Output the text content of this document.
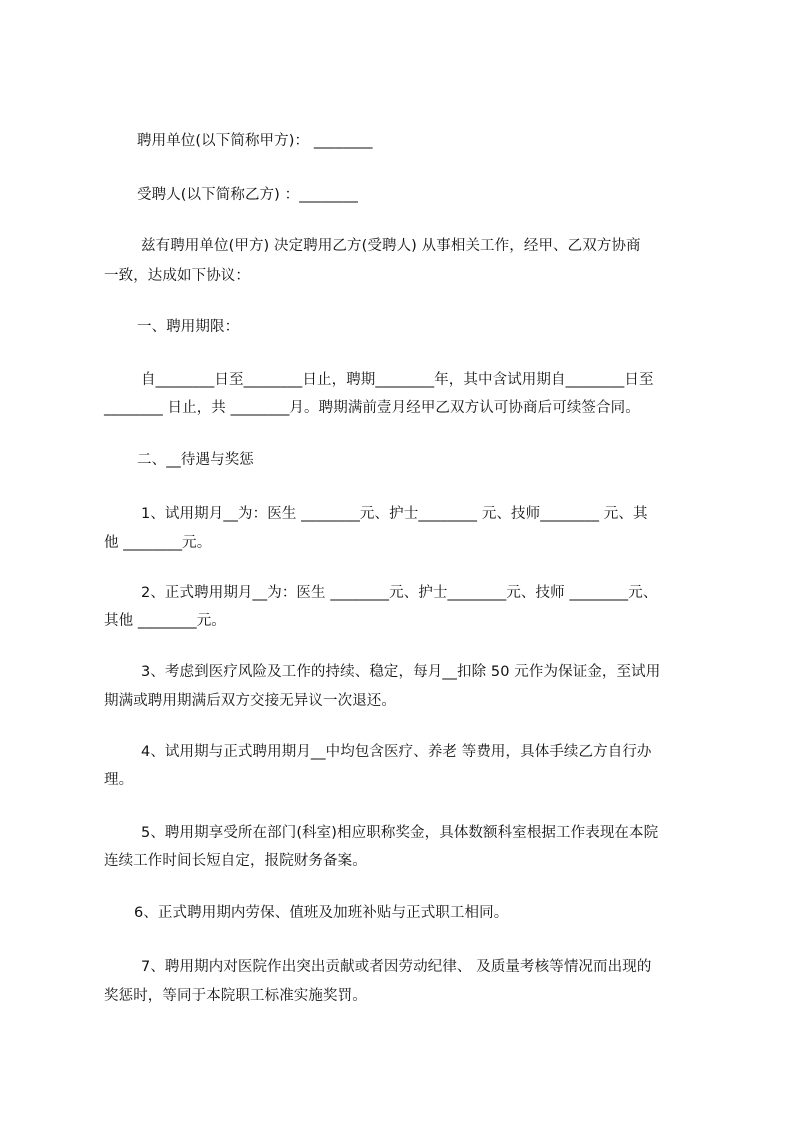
聘用单位(以下简称甲方)： ________
受聘人(以下简称乙方) ：________
兹有聘用单位(甲方) 决定聘用乙方(受聘人) 从事相关工作，经甲、乙双方协商
一致，达成如下协议：
一、聘用期限：
自________日至________日止，聘期________年，其中含试用期自________日至
________ 日止，共 ________月。聘期满前壹月经甲乙双方认可协商后可续签合同。
二、__待遇与奖惩
1、试用期月__为：医生 ________元、护士________ 元、技师________ 元、其
他 ________元。
2、正式聘用期月__为：医生 ________元、护士________元、技师 ________元、
其他 ________元。
3、考虑到医疗风险及工作的持续、稳定，每月__扣除 50 元作为保证金，至试用
期满或聘用期满后双方交接无异议一次退还。
4、试用期与正式聘用期月__中均包含医疗、养老 等费用，具体手续乙方自行办
理。
5、聘用期享受所在部门(科室)相应职称奖金，具体数额科室根据工作表现在本院
连续工作时间长短自定，报院财务备案。
6、正式聘用期内劳保、值班及加班补贴与正式职工相同。
7、聘用期内对医院作出突出贡献或者因劳动纪律、 及质量考核等情况而出现的
奖惩时，等同于本院职工标准实施奖罚。
